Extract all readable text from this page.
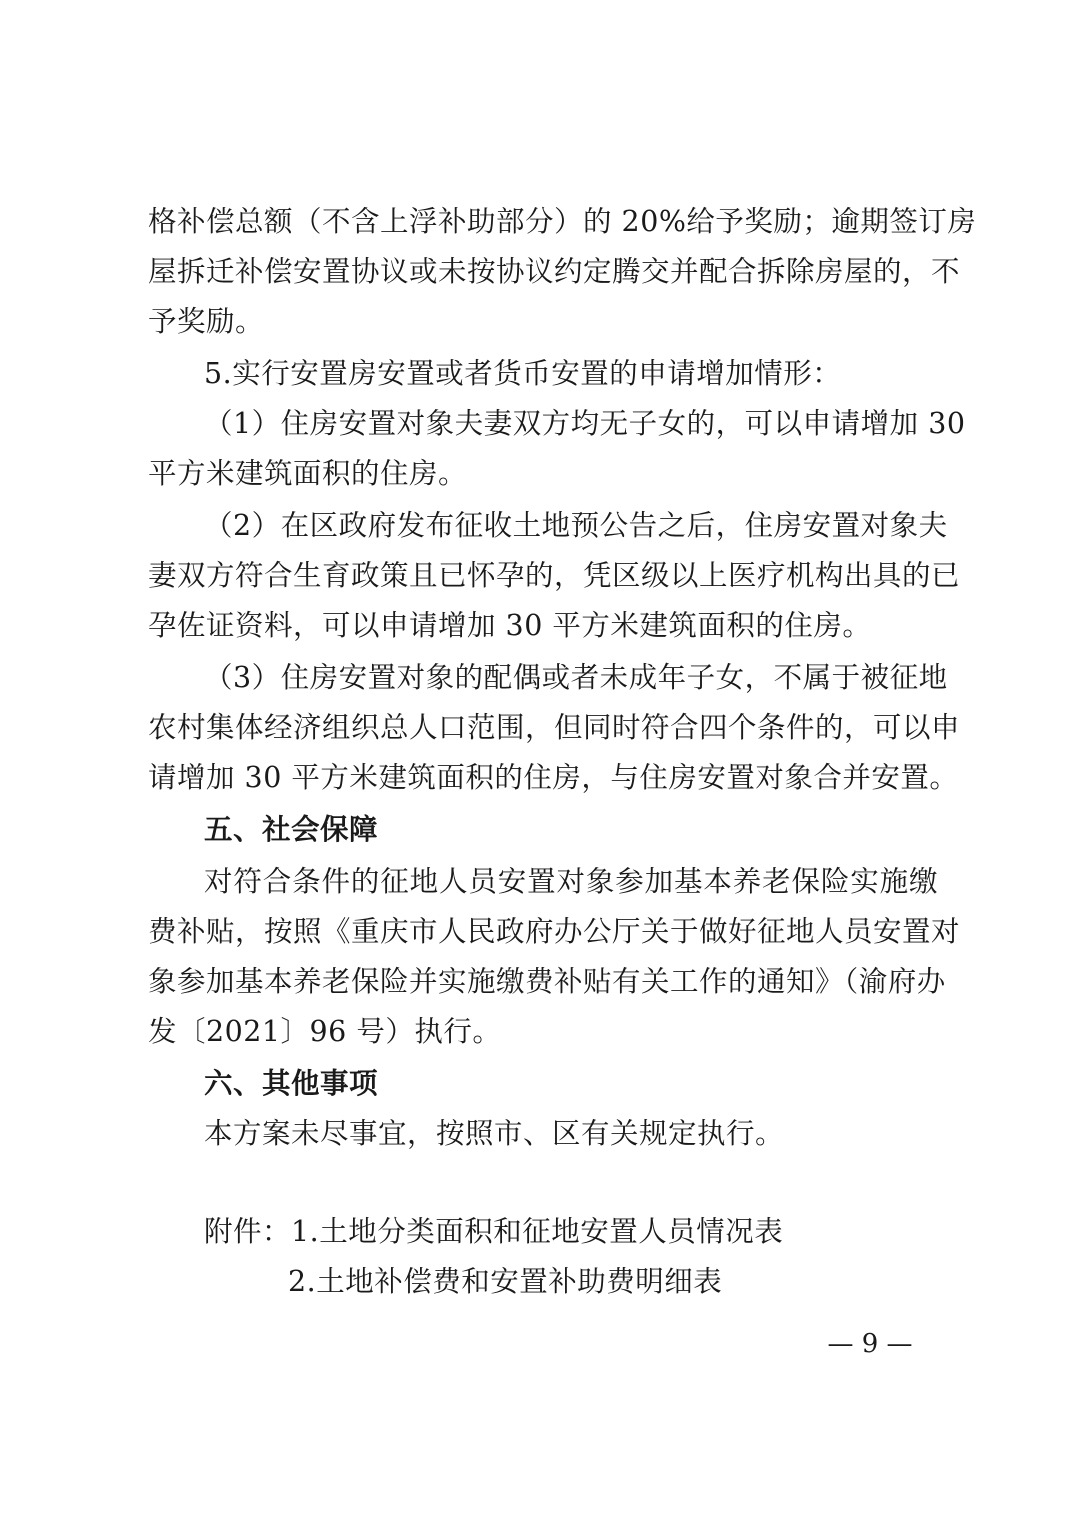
格补偿总额（不含上浮补助部分）的 20%给予奖励；逾期签订房
屋拆迁补偿安置协议或未按协议约定腾交并配合拆除房屋的，不
予奖励。
5.实行安置房安置或者货币安置的申请增加情形：
（1）住房安置对象夫妻双方均无子女的，可以申请增加 30
平方米建筑面积的住房。
（2）在区政府发布征收土地预公告之后，住房安置对象夫
妻双方符合生育政策且已怀孕的，凭区级以上医疗机构出具的已
孕佐证资料，可以申请增加 30 平方米建筑面积的住房。
（3）住房安置对象的配偶或者未成年子女，不属于被征地
农村集体经济组织总人口范围，但同时符合四个条件的，可以申
请增加 30 平方米建筑面积的住房，与住房安置对象合并安置。
五、社会保障
对符合条件的征地人员安置对象参加基本养老保险实施缴
费补贴，按照《重庆市人民政府办公厅关于做好征地人员安置对
象参加基本养老保险并实施缴费补贴有关工作的通知》（渝府办
发〔2021〕96 号）执行。
六、其他事项
本方案未尽事宜，按照市、区有关规定执行。
附件：1.土地分类面积和征地安置人员情况表
2.土地补偿费和安置补助费明细表
— 9 —
